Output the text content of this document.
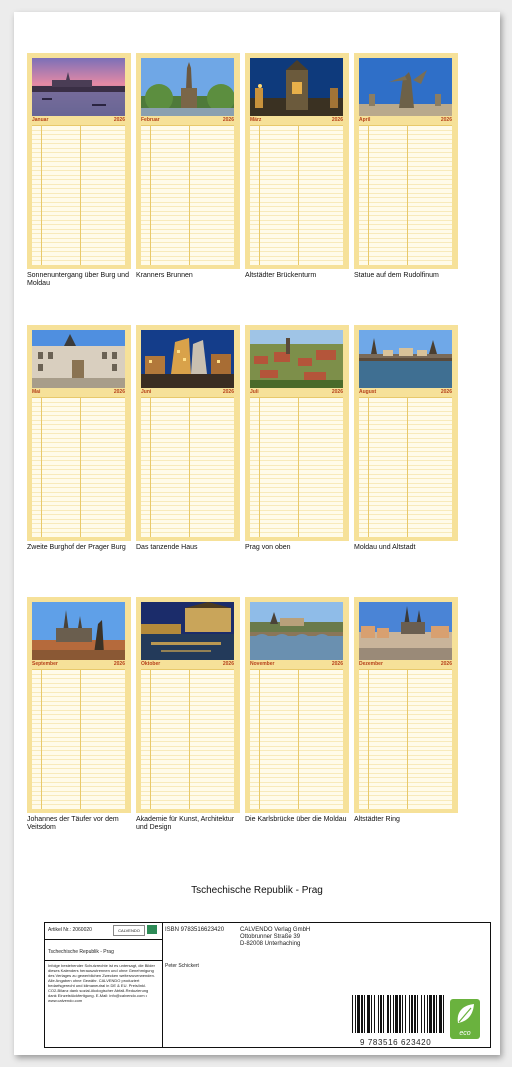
Januar	2026
Sonnenuntergang über Burg und Moldau
Februar	2026
Kranners Brunnen
März	2026
Altstädter Brückenturm
April	2026
Statue auf dem Rudolfinum
Mai	2026
Zweite Burghof der Prager Burg
Juni	2026
Das tanzende Haus
Juli	2026
Prag von oben
August	2026
Moldau und Altstadt
September	2026
Johannes der Täufer vor dem Veitsdom
Oktober	2026
Akademie für Kunst, Architektur und Design
November	2026
Die Karlsbrücke über die Moldau
Dezember	2026
Altstädter Ring
Tschechische Republik - Prag
Artikel Nr.: 2060020	CALVENDO
Tschechische Republik - Prag
Infolge bestehender Schutzrechte ist es untersagt, die Bilder dieses Kalenders herauszutrennen und ohne Genehmigung des Verlages zu gewerblichen Zwecken weiterzuverwenden. Alle Angaben ohne Gewähr. CALVENDO produziert bedarfsgerecht und klimaneutral in DE & EU. Preis/inkl. CO2-Bilanz dank sozial-ökologischer Abfall-Reduzierung dank Einzelstückfertigung. E-Mail: info@calvendo.com • www.calvendo.com
ISBN 9783516623420
Peter Schickert
CALVENDO Verlag GmbH
Ottobrunner Straße 39
D-82008 Unterhaching
9 783516 623420
eco
